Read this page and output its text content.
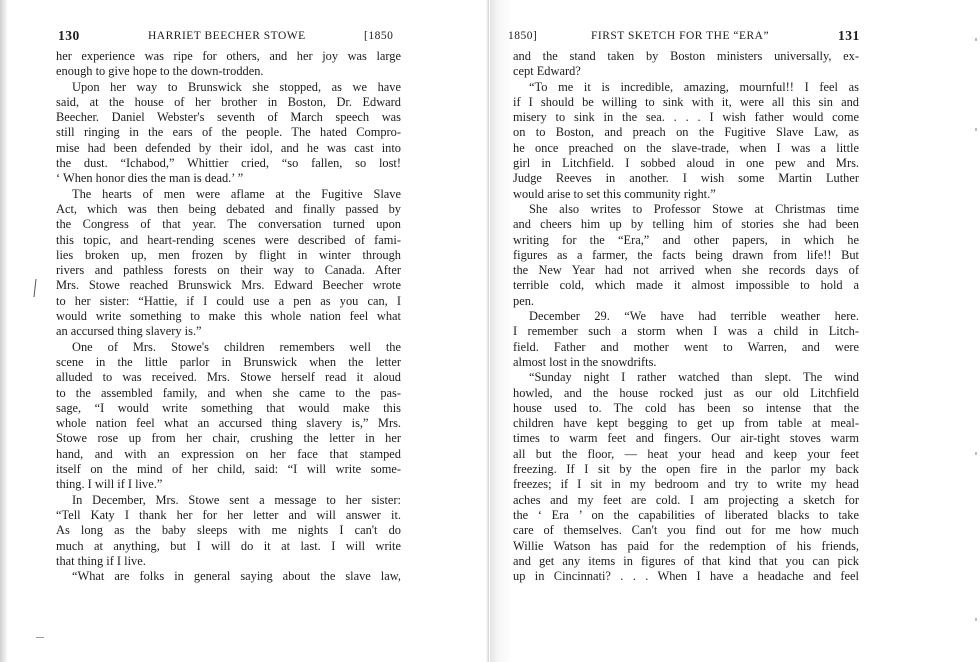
130	HARRIET BEECHER STOWE	[1850
her experience was ripe for others, and her joy was large
enough to give hope to the down-trodden.
Upon her way to Brunswick she stopped, as we have
said, at the house of her brother in Boston, Dr. Edward
Beecher. Daniel Webster's seventh of March speech was
still ringing in the ears of the people. The hated Compro-
mise had been defended by their idol, and he was cast into
the dust. “Ichabod,” Whittier cried, “so fallen, so lost!
‘ When honor dies the man is dead.’ ”
The hearts of men were aflame at the Fugitive Slave
Act, which was then being debated and finally passed by
the Congress of that year. The conversation turned upon
this topic, and heart-rending scenes were described of fami-
lies broken up, men frozen by flight in winter through
rivers and pathless forests on their way to Canada. After
Mrs. Stowe reached Brunswick Mrs. Edward Beecher wrote
to her sister: “Hattie, if I could use a pen as you can, I
would write something to make this whole nation feel what
an accursed thing slavery is.”
One of Mrs. Stowe's children remembers well the
scene in the little parlor in Brunswick when the letter
alluded to was received. Mrs. Stowe herself read it aloud
to the assembled family, and when she came to the pas-
sage, “I would write something that would make this
whole nation feel what an accursed thing slavery is,” Mrs.
Stowe rose up from her chair, crushing the letter in her
hand, and with an expression on her face that stamped
itself on the mind of her child, said: “I will write some-
thing. I will if I live.”
In December, Mrs. Stowe sent a message to her sister:
“Tell Katy I thank her for her letter and will answer it.
As long as the baby sleeps with me nights I can't do
much at anything, but I will do it at last. I will write
that thing if I live.
“What are folks in general saying about the slave law,
1850]	FIRST SKETCH FOR THE “ERA”	131
and the stand taken by Boston ministers universally, ex-
cept Edward?
“To me it is incredible, amazing, mournful!! I feel as
if I should be willing to sink with it, were all this sin and
misery to sink in the sea. . . . I wish father would come
on to Boston, and preach on the Fugitive Slave Law, as
he once preached on the slave-trade, when I was a little
girl in Litchfield. I sobbed aloud in one pew and Mrs.
Judge Reeves in another. I wish some Martin Luther
would arise to set this community right.”
She also writes to Professor Stowe at Christmas time
and cheers him up by telling him of stories she had been
writing for the “Era,” and other papers, in which he
figures as a farmer, the facts being drawn from life!! But
the New Year had not arrived when she records days of
terrible cold, which made it almost impossible to hold a
pen.
December 29. “We have had terrible weather here.
I remember such a storm when I was a child in Litch-
field. Father and mother went to Warren, and were
almost lost in the snowdrifts.
“Sunday night I rather watched than slept. The wind
howled, and the house rocked just as our old Litchfield
house used to. The cold has been so intense that the
children have kept begging to get up from table at meal-
times to warm feet and fingers. Our air-tight stoves warm
all but the floor, — heat your head and keep your feet
freezing. If I sit by the open fire in the parlor my back
freezes; if I sit in my bedroom and try to write my head
aches and my feet are cold. I am projecting a sketch for
the ‘ Era ’ on the capabilities of liberated blacks to take
care of themselves. Can't you find out for me how much
Willie Watson has paid for the redemption of his friends,
and get any items in figures of that kind that you can pick
up in Cincinnati? . . . When I have a headache and feel
